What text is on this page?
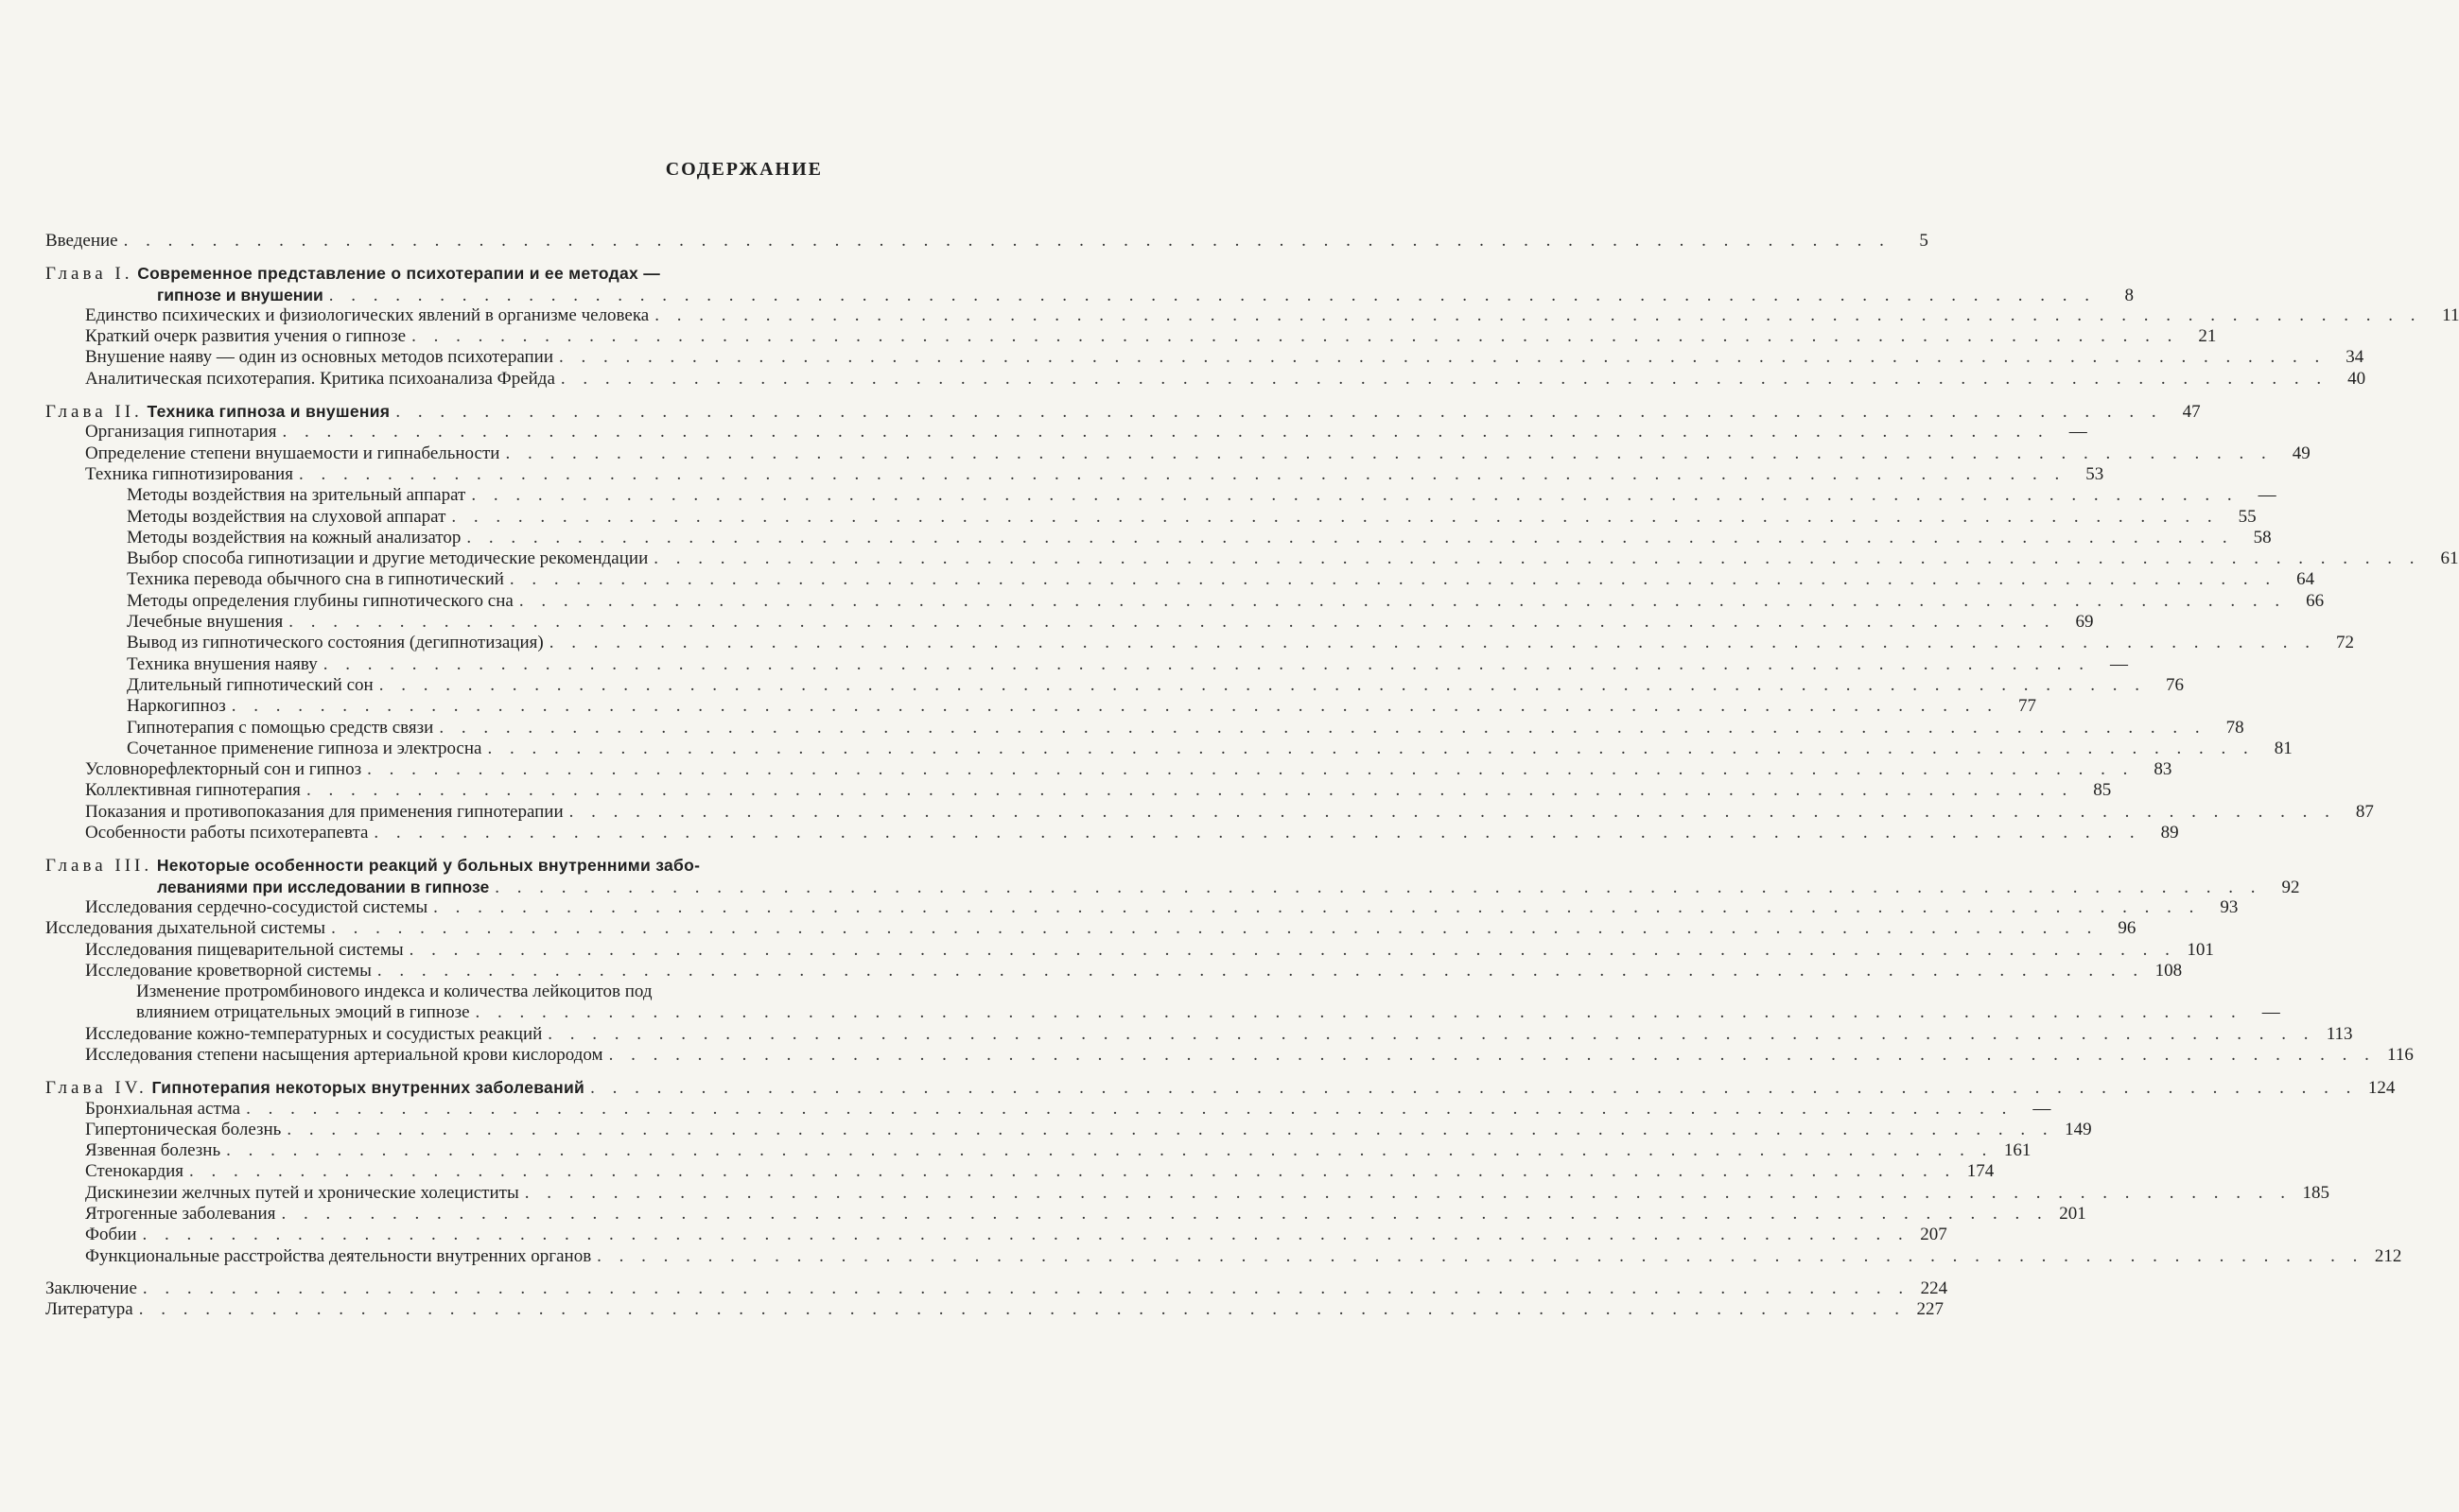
СОДЕРЖАНИЕ
Введение . . . . . . . . . . . . . . . . . . . . . . . . . . . . . . . . . . . . . . . . . . . . . . . . . . . . . . . . . . . . . . . . . . . . . . . . . . . . . . . .	5
Глава I.
Современное представление о психотерапии и ее методах —
гипнозе и внушении . . . . . . . . . . . . . . . . . . . . . . . . . . . . . . . . . . . . . . . . . . . . . . . . . . . . . . . . . . . . . . . . . . . . . . . . . . . . . . . .	8
Единство психических и физиологических явлений в организме человека . . . . . . . . . . . . . . . . . . . . . . . . . . . . . . . . . . . . . . . . . . . . . . . . . . . . . . . . . . . . . . . . . . . . . . . . . . . . . . . .	11
Краткий очерк развития учения о гипнозе . . . . . . . . . . . . . . . . . . . . . . . . . . . . . . . . . . . . . . . . . . . . . . . . . . . . . . . . . . . . . . . . . . . . . . . . . . . . . . . .	21
Внушение наяву — один из основных методов психотерапии . . . . . . . . . . . . . . . . . . . . . . . . . . . . . . . . . . . . . . . . . . . . . . . . . . . . . . . . . . . . . . . . . . . . . . . . . . . . . . . .	34
Аналитическая психотерапия. Критика психоанализа Фрейда . . . . . . . . . . . . . . . . . . . . . . . . . . . . . . . . . . . . . . . . . . . . . . . . . . . . . . . . . . . . . . . . . . . . . . . . . . . . . . . .	40
Глава II. Техника гипноза и внушения . . . . . . . . . . . . . . . . . . . . . . . . . . . . . . . . . . . . . . . . . . . . . . . . . . . . . . . . . . . . . . . . . . . . . . . . . . . . . . . .	47
Организация гипнотария . . . . . . . . . . . . . . . . . . . . . . . . . . . . . . . . . . . . . . . . . . . . . . . . . . . . . . . . . . . . . . . . . . . . . . . . . . . . . . . .	—
Определение степени внушаемости и гипнабельности . . . . . . . . . . . . . . . . . . . . . . . . . . . . . . . . . . . . . . . . . . . . . . . . . . . . . . . . . . . . . . . . . . . . . . . . . . . . . . . .	49
Техника гипнотизирования . . . . . . . . . . . . . . . . . . . . . . . . . . . . . . . . . . . . . . . . . . . . . . . . . . . . . . . . . . . . . . . . . . . . . . . . . . . . . . . .	53
Методы воздействия на зрительный аппарат . . . . . . . . . . . . . . . . . . . . . . . . . . . . . . . . . . . . . . . . . . . . . . . . . . . . . . . . . . . . . . . . . . . . . . . . . . . . . . . .	—
Методы воздействия на слуховой аппарат . . . . . . . . . . . . . . . . . . . . . . . . . . . . . . . . . . . . . . . . . . . . . . . . . . . . . . . . . . . . . . . . . . . . . . . . . . . . . . . .	55
Методы воздействия на кожный анализатор . . . . . . . . . . . . . . . . . . . . . . . . . . . . . . . . . . . . . . . . . . . . . . . . . . . . . . . . . . . . . . . . . . . . . . . . . . . . . . . .	58
Выбор способа гипнотизации и другие методические рекомендации . . . . . . . . . . . . . . . . . . . . . . . . . . . . . . . . . . . . . . . . . . . . . . . . . . . . . . . . . . . . . . . . . . . . . . . . . . . . . . . .	61
Техника перевода обычного сна в гипнотический . . . . . . . . . . . . . . . . . . . . . . . . . . . . . . . . . . . . . . . . . . . . . . . . . . . . . . . . . . . . . . . . . . . . . . . . . . . . . . . .	64
Методы определения глубины гипнотического сна . . . . . . . . . . . . . . . . . . . . . . . . . . . . . . . . . . . . . . . . . . . . . . . . . . . . . . . . . . . . . . . . . . . . . . . . . . . . . . . .	66
Лечебные внушения . . . . . . . . . . . . . . . . . . . . . . . . . . . . . . . . . . . . . . . . . . . . . . . . . . . . . . . . . . . . . . . . . . . . . . . . . . . . . . . .	69
Вывод из гипнотического состояния (дегипнотизация) . . . . . . . . . . . . . . . . . . . . . . . . . . . . . . . . . . . . . . . . . . . . . . . . . . . . . . . . . . . . . . . . . . . . . . . . . . . . . . . .	72
Техника внушения наяву . . . . . . . . . . . . . . . . . . . . . . . . . . . . . . . . . . . . . . . . . . . . . . . . . . . . . . . . . . . . . . . . . . . . . . . . . . . . . . . .	—
Длительный гипнотический сон . . . . . . . . . . . . . . . . . . . . . . . . . . . . . . . . . . . . . . . . . . . . . . . . . . . . . . . . . . . . . . . . . . . . . . . . . . . . . . . .	76
Наркогипноз . . . . . . . . . . . . . . . . . . . . . . . . . . . . . . . . . . . . . . . . . . . . . . . . . . . . . . . . . . . . . . . . . . . . . . . . . . . . . . . .	77
Гипнотерапия с помощью средств связи . . . . . . . . . . . . . . . . . . . . . . . . . . . . . . . . . . . . . . . . . . . . . . . . . . . . . . . . . . . . . . . . . . . . . . . . . . . . . . . .	78
Сочетанное применение гипноза и электросна . . . . . . . . . . . . . . . . . . . . . . . . . . . . . . . . . . . . . . . . . . . . . . . . . . . . . . . . . . . . . . . . . . . . . . . . . . . . . . . .	81
Условнорефлекторный сон и гипноз . . . . . . . . . . . . . . . . . . . . . . . . . . . . . . . . . . . . . . . . . . . . . . . . . . . . . . . . . . . . . . . . . . . . . . . . . . . . . . . .	83
Коллективная гипнотерапия . . . . . . . . . . . . . . . . . . . . . . . . . . . . . . . . . . . . . . . . . . . . . . . . . . . . . . . . . . . . . . . . . . . . . . . . . . . . . . . .	85
Показания и противопоказания для применения гипнотерапии . . . . . . . . . . . . . . . . . . . . . . . . . . . . . . . . . . . . . . . . . . . . . . . . . . . . . . . . . . . . . . . . . . . . . . . . . . . . . . . .	87
Особенности работы психотерапевта . . . . . . . . . . . . . . . . . . . . . . . . . . . . . . . . . . . . . . . . . . . . . . . . . . . . . . . . . . . . . . . . . . . . . . . . . . . . . . . .	89
Глава III.
Некоторые особенности реакций у больных внутренними забо-
леваниями при исследовании в гипнозе . . . . . . . . . . . . . . . . . . . . . . . . . . . . . . . . . . . . . . . . . . . . . . . . . . . . . . . . . . . . . . . . . . . . . . . . . . . . . . . .	92
Исследования сердечно-сосудистой системы . . . . . . . . . . . . . . . . . . . . . . . . . . . . . . . . . . . . . . . . . . . . . . . . . . . . . . . . . . . . . . . . . . . . . . . . . . . . . . . .	93
Исследования дыхательной системы . . . . . . . . . . . . . . . . . . . . . . . . . . . . . . . . . . . . . . . . . . . . . . . . . . . . . . . . . . . . . . . . . . . . . . . . . . . . . . . .	96
Исследования пищеварительной системы . . . . . . . . . . . . . . . . . . . . . . . . . . . . . . . . . . . . . . . . . . . . . . . . . . . . . . . . . . . . . . . . . . . . . . . . . . . . . . . . 101
Исследование кроветворной системы . . . . . . . . . . . . . . . . . . . . . . . . . . . . . . . . . . . . . . . . . . . . . . . . . . . . . . . . . . . . . . . . . . . . . . . . . . . . . . . . 108
Изменение протромбинового индекса и количества лейкоцитов под
влиянием отрицательных эмоций в гипнозе . . . . . . . . . . . . . . . . . . . . . . . . . . . . . . . . . . . . . . . . . . . . . . . . . . . . . . . . . . . . . . . . . . . . . . . . . . . . . . . .	—
Исследование кожно-температурных и сосудистых реакций . . . . . . . . . . . . . . . . . . . . . . . . . . . . . . . . . . . . . . . . . . . . . . . . . . . . . . . . . . . . . . . . . . . . . . . . . . . . . . . . 113
Исследования степени насыщения артериальной крови кислородом . . . . . . . . . . . . . . . . . . . . . . . . . . . . . . . . . . . . . . . . . . . . . . . . . . . . . . . . . . . . . . . . . . . . . . . . . . . . . . . . 116
Глава IV. Гипнотерапия некоторых внутренних заболеваний . . . . . . . . . . . . . . . . . . . . . . . . . . . . . . . . . . . . . . . . . . . . . . . . . . . . . . . . . . . . . . . . . . . . . . . . . . . . . . . . 124
Бронхиальная астма . . . . . . . . . . . . . . . . . . . . . . . . . . . . . . . . . . . . . . . . . . . . . . . . . . . . . . . . . . . . . . . . . . . . . . . . . . . . . . . .	—
Гипертоническая болезнь . . . . . . . . . . . . . . . . . . . . . . . . . . . . . . . . . . . . . . . . . . . . . . . . . . . . . . . . . . . . . . . . . . . . . . . . . . . . . . . . 149
Язвенная болезнь . . . . . . . . . . . . . . . . . . . . . . . . . . . . . . . . . . . . . . . . . . . . . . . . . . . . . . . . . . . . . . . . . . . . . . . . . . . . . . . . 161
Стенокардия . . . . . . . . . . . . . . . . . . . . . . . . . . . . . . . . . . . . . . . . . . . . . . . . . . . . . . . . . . . . . . . . . . . . . . . . . . . . . . . . 174
Дискинезии желчных путей и хронические холециститы . . . . . . . . . . . . . . . . . . . . . . . . . . . . . . . . . . . . . . . . . . . . . . . . . . . . . . . . . . . . . . . . . . . . . . . . . . . . . . . . 185
Ятрогенные заболевания . . . . . . . . . . . . . . . . . . . . . . . . . . . . . . . . . . . . . . . . . . . . . . . . . . . . . . . . . . . . . . . . . . . . . . . . . . . . . . . . 201
Фобии . . . . . . . . . . . . . . . . . . . . . . . . . . . . . . . . . . . . . . . . . . . . . . . . . . . . . . . . . . . . . . . . . . . . . . . . . . . . . . . . 207
Функциональные расстройства деятельности внутренних органов . . . . . . . . . . . . . . . . . . . . . . . . . . . . . . . . . . . . . . . . . . . . . . . . . . . . . . . . . . . . . . . . . . . . . . . . . . . . . . . . 212
Заключение . . . . . . . . . . . . . . . . . . . . . . . . . . . . . . . . . . . . . . . . . . . . . . . . . . . . . . . . . . . . . . . . . . . . . . . . . . . . . . . . 224
Литература . . . . . . . . . . . . . . . . . . . . . . . . . . . . . . . . . . . . . . . . . . . . . . . . . . . . . . . . . . . . . . . . . . . . . . . . . . . . . . . . 227
